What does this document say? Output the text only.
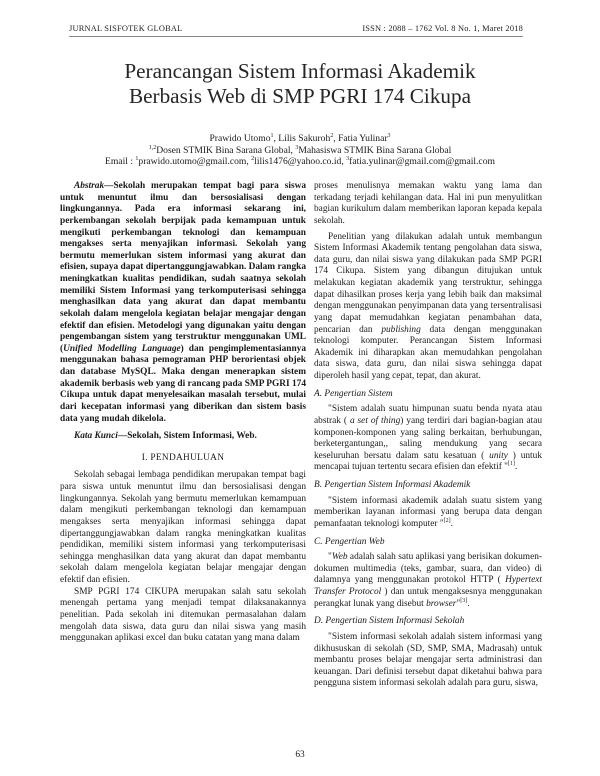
JURNAL SISFOTEK GLOBAL	ISSN : 2088 – 1762 Vol. 8 No. 1, Maret 2018
Perancangan Sistem Informasi Akademik
Berbasis Web di SMP PGRI 174 Cikupa
Prawido Utomo$^1$, Lilis Sakuroh$^2$, Fatia Yulinar$^3$
$^{1,2}$Dosen STMIK Bina Sarana Global, $^3$Mahasiswa STMIK Bina Sarana Global
Email : $^1$prawido.utomo@gmail.com, $^2$lilis1476@yahoo.co.id, $^3$fatia.yulinar@gmail.com@gmail.com

Abstrak—Sekolah merupakan tempat bagi para siswa untuk menuntut ilmu dan bersosialisasi dengan lingkungannya. Pada era informasi sekarang ini, perkembangan sekolah berpijak pada kemampuan untuk mengikuti perkembangan teknologi dan kemampuan mengakses serta menyajikan informasi. Sekolah yang bermutu memerlukan sistem informasi yang akurat dan efisien, supaya dapat dipertanggungjawabkan. Dalam rangka meningkatkan kualitas pendidikan, sudah saatnya sekolah memiliki Sistem Informasi yang terkomputerisasi sehingga menghasilkan data yang akurat dan dapat membantu sekolah dalam mengelola kegiatan belajar mengajar dengan efektif dan efisien. Metodelogi yang digunakan yaitu dengan pengembangan sistem yang terstruktur menggunakan UML (Unified Modelling Language) dan pengimplementasiannya menggunakan bahasa pemograman PHP berorientasi objek dan database MySQL. Maka dengan menerapkan sistem akademik berbasis web yang di rancang pada SMP PGRI 174 Cikupa untuk dapat menyelesaikan masalah tersebut, mulai dari kecepatan informasi yang diberikan dan sistem basis data yang mudah dikelola.

Kata Kunci—Sekolah, Sistem Informasi, Web.

I. PENDAHULUAN

Sekolah sebagai lembaga pendidikan merupakan tempat bagi para siswa untuk menuntut ilmu dan bersosialisasi dengan lingkungannya. Sekolah yang bermutu memerlukan kemampuan dalam mengikuti perkembangan teknologi dan kemampuan mengakses serta menyajikan informasi sehingga dapat dipertanggungjawabkan dalam rangka meningkatkan kualitas pendidikan, memiliki sistem informasi yang terkomputerisasi sehingga menghasilkan data yang akurat dan dapat membantu sekolah dalam mengelola kegiatan belajar mengajar dengan efektif dan efisien.

SMP PGRI 174 CIKUPA merupakan salah satu sekolah menengah pertama yang menjadi tempat dilaksanakannya penelitian. Pada sekolah ini ditemukan permasalahan dalam mengolah data siswa, data guru dan nilai siswa yang masih menggunakan aplikasi excel dan buku catatan yang mana dalam

proses menulisnya memakan waktu yang lama dan terkadang terjadi kehilangan data. Hal ini pun menyulitkan bagian kurikulum dalam memberikan laporan kepada kepala sekolah.

Penelitian yang dilakukan adalah untuk membangun Sistem Informasi Akademik tentang pengolahan data siswa, data guru, dan nilai siswa yang dilakukan pada SMP PGRI 174 Cikupa. Sistem yang dibangun ditujukan untuk melakukan kegiatan akademik yang terstruktur, sehingga dapat dihasilkan proses kerja yang lebih baik dan maksimal dengan menggunakan penyimpanan data yang tersentralisasi yang dapat memudahkan kegiatan penambahan data, pencarian dan publishing data dengan menggunakan teknologi komputer. Perancangan Sistem Informasi Akademik ini diharapkan akan memudahkan pengolahan data siswa, data guru, dan nilai siswa sehingga dapat diperoleh hasil yang cepat, tepat, dan akurat.

A. Pengertian Sistem

"Sistem adalah suatu himpunan suatu benda nyata atau abstrak ( a set of thing) yang terdiri dari bagian-bagian atau komponen-komponen yang saling berkaitan, berhubungan, berketergantungan,, saling mendukung yang secara keseluruhan bersatu dalam satu kesatuan ( unity ) untuk mencapai tujuan tertentu secara efisien dan efektif "[1].

B. Pengertian Sistem Informasi Akademik

"Sistem informasi akademik adalah suatu sistem yang memberikan layanan informasi yang berupa data dengan pemanfaatan teknologi komputer "[2].

C. Pengertian Web

"Web adalah salah satu aplikasi yang berisikan dokumen-dokumen multimedia (teks, gambar, suara, dan video) di dalamnya yang menggunakan protokol HTTP ( Hypertext Transfer Protocol ) dan untuk mengaksesnya menggunakan perangkat lunak yang disebut browser"[3].

D. Pengertian Sistem Informasi Sekolah

"Sistem informasi sekolah adalah sistem informasi yang dikhususkan di sekolah (SD, SMP, SMA, Madrasah) untuk membantu proses belajar mengajar serta administrasi dan keuangan. Dari definisi tersebut dapat diketahui bahwa para pengguna sistem informasi sekolah adalah para guru, siswa,

63
